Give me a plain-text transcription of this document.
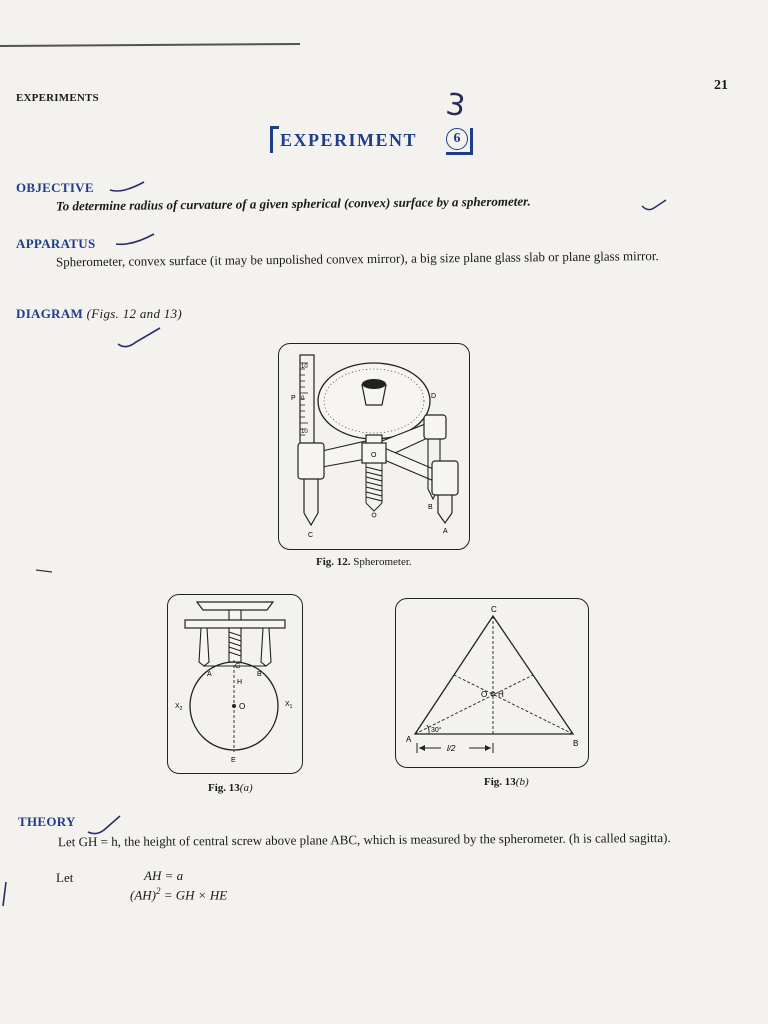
EXPERIMENTS
21
3
EXPERIMENT	6
OBJECTIVE
To determine radius of curvature of a given spherical (convex) surface by a spherometer.
APPARATUS
Spherometer, convex surface (it may be unpolished convex mirror), a big size plane glass slab or plane glass mirror.
DIAGRAM (Figs. 12 and 13)
10
P 0
10
O
C
D
B
A
Fig. 12. Spherometer.
G
A	B
H
O
$X_2$
$X_1$
E
Fig. 13(a)
C
O H
A	B
30°
l/2
Fig. 13(b)
THEORY
Let GH = h, the height of central screw above plane ABC, which is measured by the spherometer. (h is called sagitta).
Let	AH = a
(AH)$^2$ = GH × HE
